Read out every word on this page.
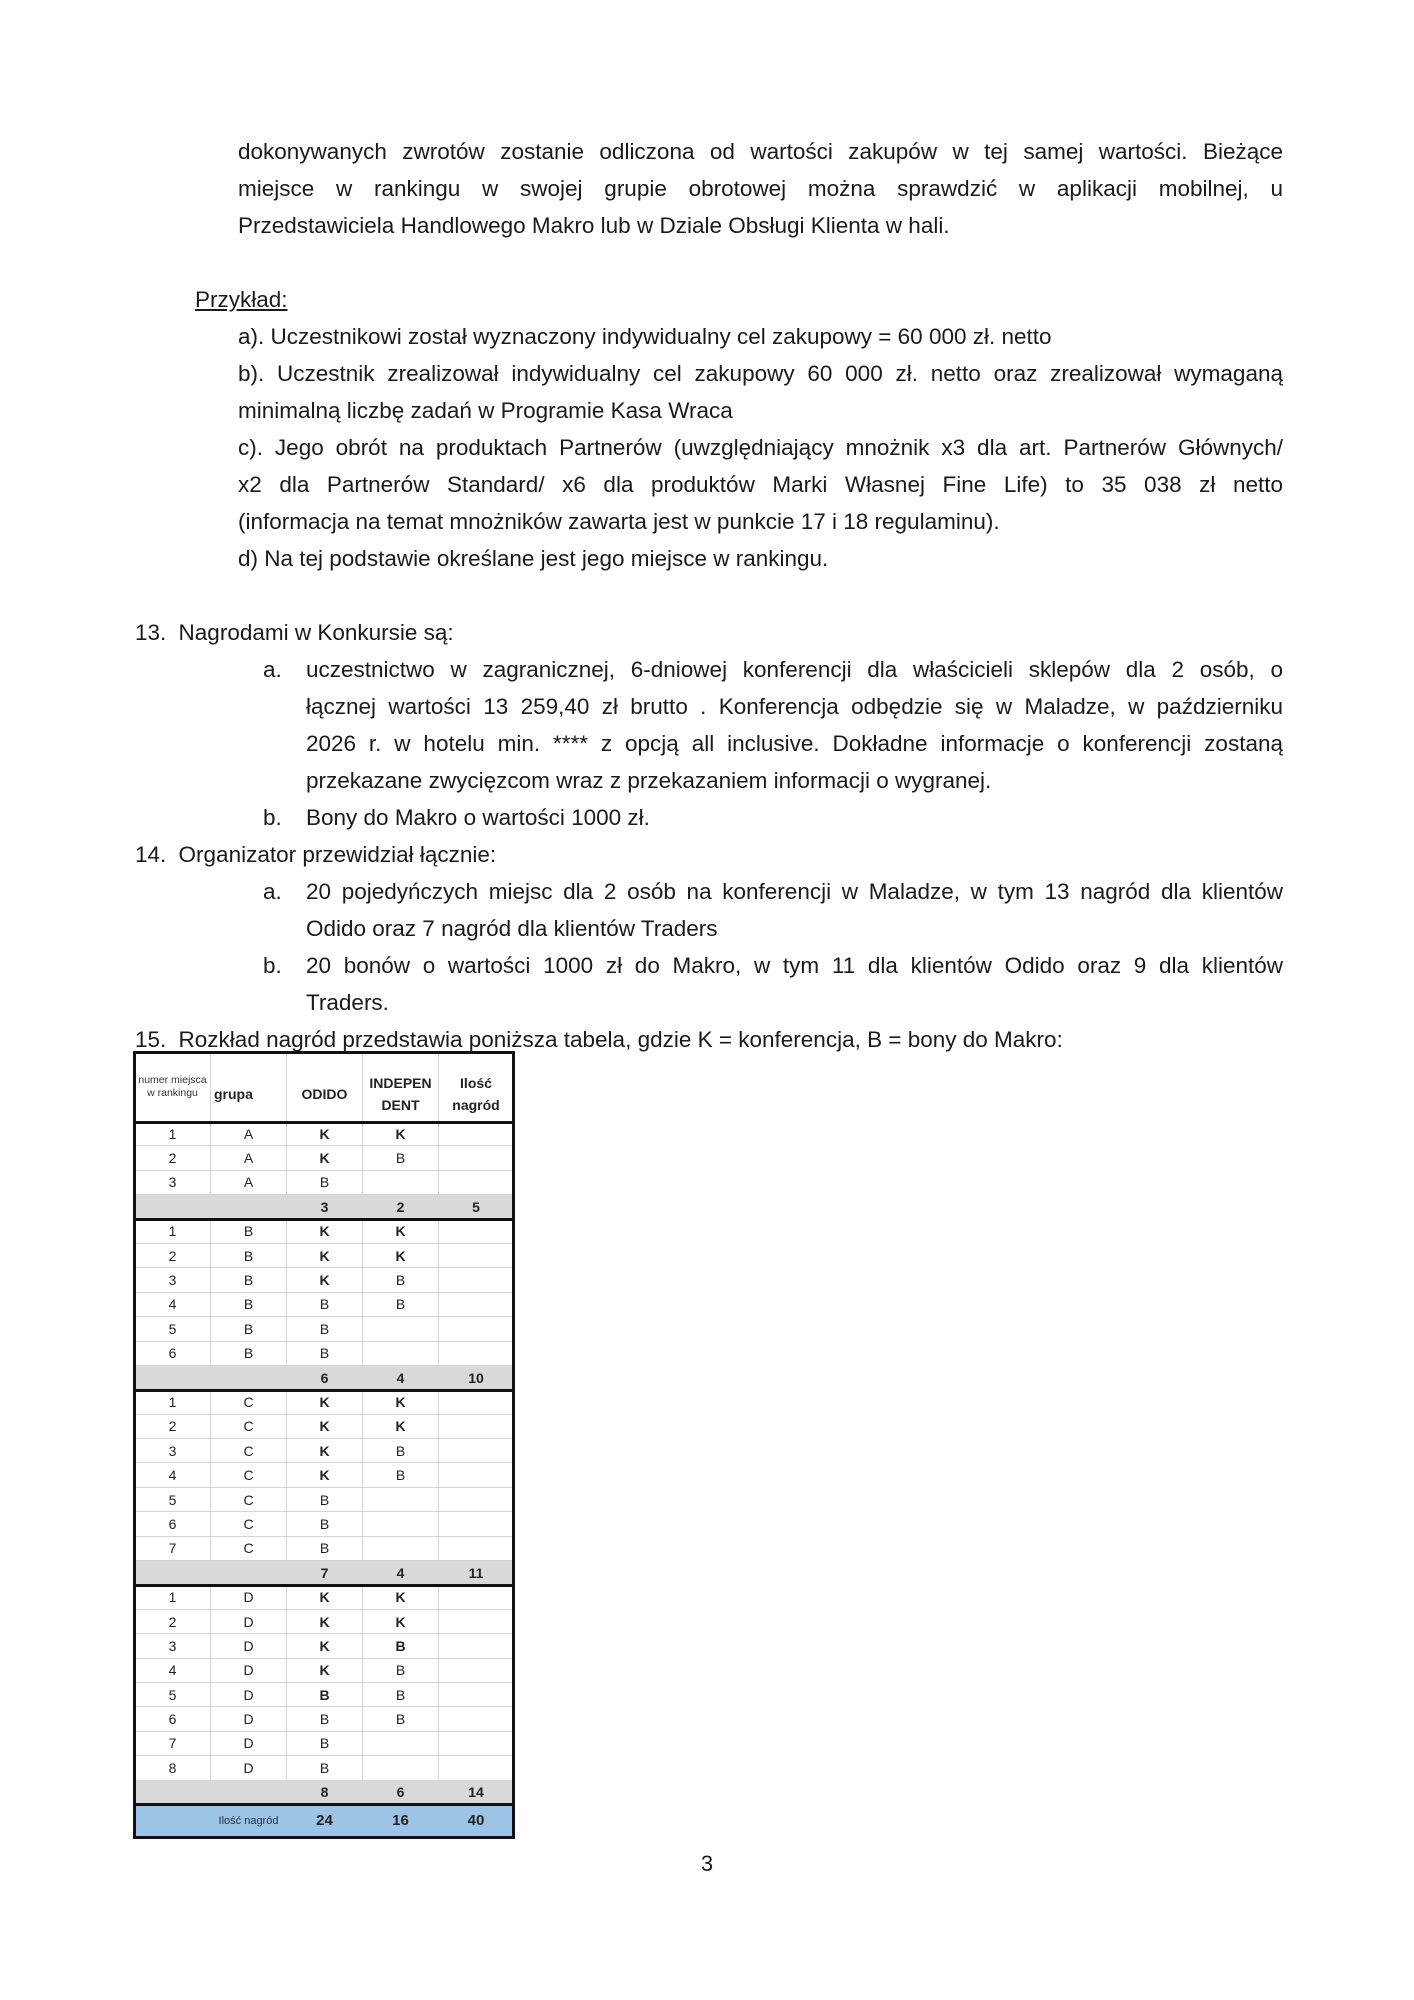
dokonywanych zwrotów zostanie odliczona od wartości zakupów w tej samej wartości. Bieżące
miejsce w rankingu w swojej grupie obrotowej można sprawdzić w aplikacji mobilnej, u
Przedstawiciela Handlowego Makro lub w Dziale Obsługi Klienta w hali.
Przykład:
a). Uczestnikowi został wyznaczony indywidualny cel zakupowy = 60 000 zł. netto
b). Uczestnik zrealizował indywidualny cel zakupowy 60 000 zł. netto oraz zrealizował wymaganą
minimalną liczbę zadań w Programie Kasa Wraca
c). Jego obrót na produktach Partnerów (uwzględniający mnożnik x3 dla art. Partnerów Głównych/
x2 dla Partnerów Standard/ x6 dla produktów Marki Własnej Fine Life) to 35 038 zł netto
(informacja na temat mnożników zawarta jest w punkcie 17 i 18 regulaminu).
d) Na tej podstawie określane jest jego miejsce w rankingu.
13. Nagrodami w Konkursie są:
a. uczestnictwo w zagranicznej, 6-dniowej konferencji dla właścicieli sklepów dla 2 osób, o
łącznej wartości 13 259,40 zł brutto . Konferencja odbędzie się w Maladze, w październiku
2026 r. w hotelu min. **** z opcją all inclusive. Dokładne informacje o konferencji zostaną
przekazane zwycięzcom wraz z przekazaniem informacji o wygranej.
b. Bony do Makro o wartości 1000 zł.
14. Organizator przewidział łącznie:
a. 20 pojedyńczych miejsc dla 2 osób na konferencji w Maladze, w tym 13 nagród dla klientów
Odido oraz 7 nagród dla klientów Traders
b. 20 bonów o wartości 1000 zł do Makro, w tym 11 dla klientów Odido oraz 9 dla klientów
Traders.
15. Rozkład nagród przedstawia poniższa tabela, gdzie K = konferencja, B = bony do Makro:
numer miejsca w rankingu	grupa	ODIDO	INDEPEN DENT	Ilość nagród
1	A	K	K	
2	A	K	B	
3	A	B		
		3	2	5
1	B	K	K	
2	B	K	K	
3	B	K	B	
4	B	B	B	
5	B	B		
6	B	B		
		6	4	10
1	C	K	K	
2	C	K	K	
3	C	K	B	
4	C	K	B	
5	C	B		
6	C	B		
7	C	B		
		7	4	11
1	D	K	K	
2	D	K	K	
3	D	K	B	
4	D	K	B	
5	D	B	B	
6	D	B	B	
7	D	B		
8	D	B		
		8	6	14
	Ilość nagród	24	16	40
3
